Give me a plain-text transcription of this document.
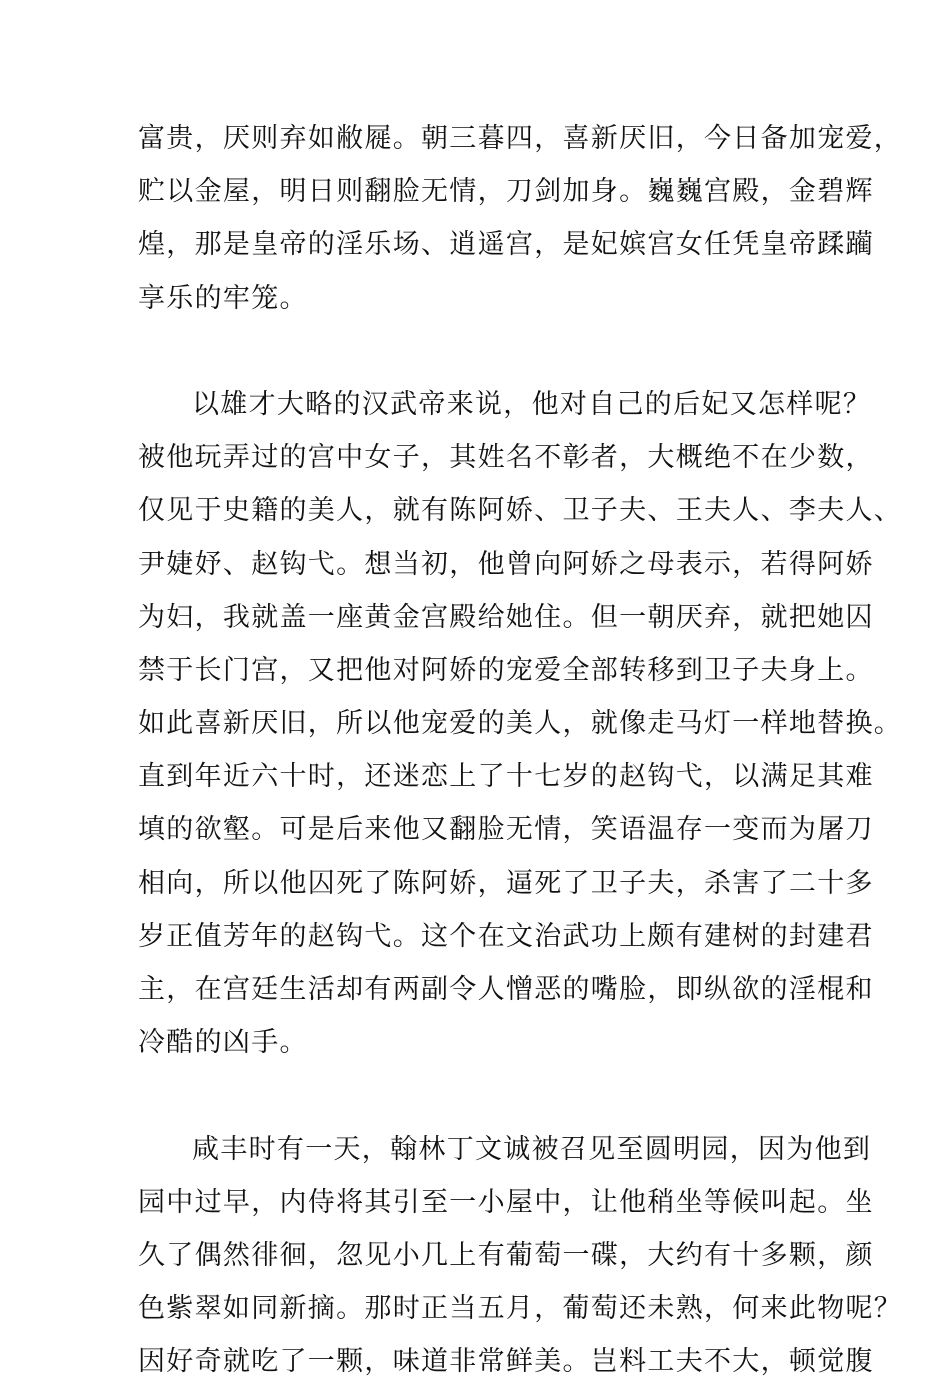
富贵，厌则弃如敝屣。朝三暮四，喜新厌旧，今日备加宠爱，
贮以金屋，明日则翻脸无情，刀剑加身。巍巍宫殿，金碧辉
煌，那是皇帝的淫乐场、逍遥宫，是妃嫔宫女任凭皇帝蹂躏
享乐的牢笼。
以雄才大略的汉武帝来说，他对自己的后妃又怎样呢？
被他玩弄过的宫中女子，其姓名不彰者，大概绝不在少数，
仅见于史籍的美人，就有陈阿娇、卫子夫、王夫人、李夫人、
尹婕妤、赵钩弋。想当初，他曾向阿娇之母表示，若得阿娇
为妇，我就盖一座黄金宫殿给她住。但一朝厌弃，就把她囚
禁于长门宫，又把他对阿娇的宠爱全部转移到卫子夫身上。
如此喜新厌旧，所以他宠爱的美人，就像走马灯一样地替换。
直到年近六十时，还迷恋上了十七岁的赵钩弋，以满足其难
填的欲壑。可是后来他又翻脸无情，笑语温存一变而为屠刀
相向，所以他囚死了陈阿娇，逼死了卫子夫，杀害了二十多
岁正值芳年的赵钩弋。这个在文治武功上颇有建树的封建君
主，在宫廷生活却有两副令人憎恶的嘴脸，即纵欲的淫棍和
冷酷的凶手。
咸丰时有一天，翰林丁文诚被召见至圆明园，因为他到
园中过早，内侍将其引至一小屋中，让他稍坐等候叫起。坐
久了偶然徘徊，忽见小几上有葡萄一碟，大约有十多颗，颜
色紫翠如同新摘。那时正当五月，葡萄还未熟，何来此物呢？
因好奇就吃了一颗，味道非常鲜美。岂料工夫不大，顿觉腹
